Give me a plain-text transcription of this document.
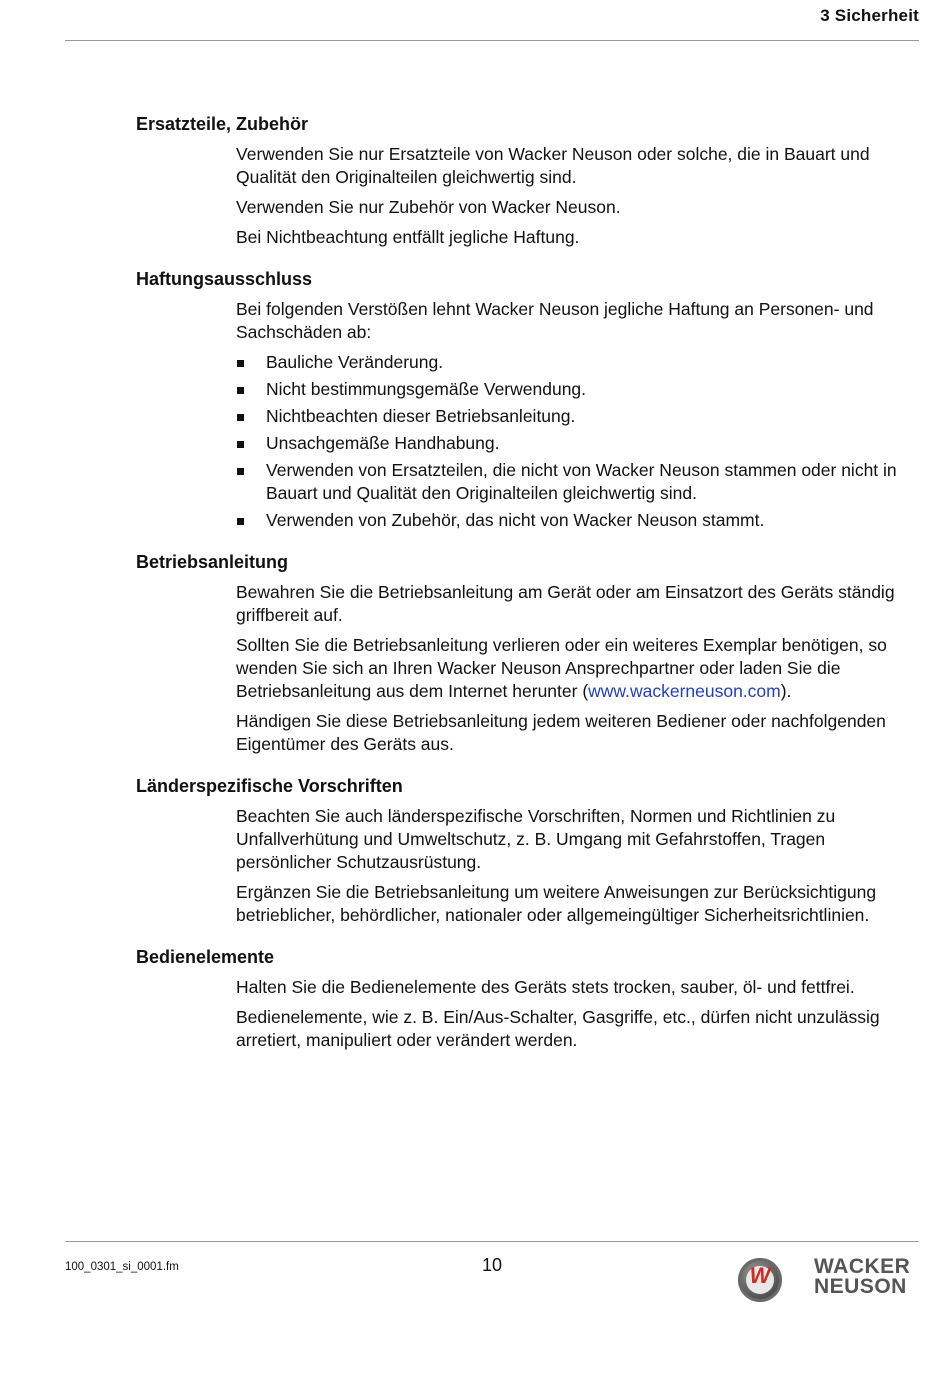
3 Sicherheit
Ersatzteile, Zubehör

Verwenden Sie nur Ersatzteile von Wacker Neuson oder solche, die in Bauart und Qualität den Originalteilen gleichwertig sind.

Verwenden Sie nur Zubehör von Wacker Neuson.

Bei Nichtbeachtung entfällt jegliche Haftung.

Haftungsausschluss

Bei folgenden Verstößen lehnt Wacker Neuson jegliche Haftung an Personen- und Sachschäden ab:

Bauliche Veränderung.
Nicht bestimmungsgemäße Verwendung.
Nichtbeachten dieser Betriebsanleitung.
Unsachgemäße Handhabung.
Verwenden von Ersatzteilen, die nicht von Wacker Neuson stammen oder nicht in Bauart und Qualität den Originalteilen gleichwertig sind.
Verwenden von Zubehör, das nicht von Wacker Neuson stammt.
Betriebsanleitung

Bewahren Sie die Betriebsanleitung am Gerät oder am Einsatzort des Geräts ständig griffbereit auf.

Sollten Sie die Betriebsanleitung verlieren oder ein weiteres Exemplar benötigen, so wenden Sie sich an Ihren Wacker Neuson Ansprechpartner oder laden Sie die Betriebsanleitung aus dem Internet herunter (www.wackerneuson.com).

Händigen Sie diese Betriebsanleitung jedem weiteren Bediener oder nachfolgenden Eigentümer des Geräts aus.

Länderspezifische Vorschriften

Beachten Sie auch länderspezifische Vorschriften, Normen und Richtlinien zu Unfallverhütung und Umweltschutz, z. B. Umgang mit Gefahrstoffen, Tragen persönlicher Schutzausrüstung.

Ergänzen Sie die Betriebsanleitung um weitere Anweisungen zur Berücksichtigung betrieblicher, behördlicher, nationaler oder allgemeingültiger Sicherheitsrichtlinien.

Bedienelemente

Halten Sie die Bedienelemente des Geräts stets trocken, sauber, öl- und fettfrei.

Bedienelemente, wie z. B. Ein/Aus-Schalter, Gasgriffe, etc., dürfen nicht unzulässig arretiert, manipuliert oder verändert werden.

100_0301_si_0001.fm	10	W	WACKER
NEUSON
